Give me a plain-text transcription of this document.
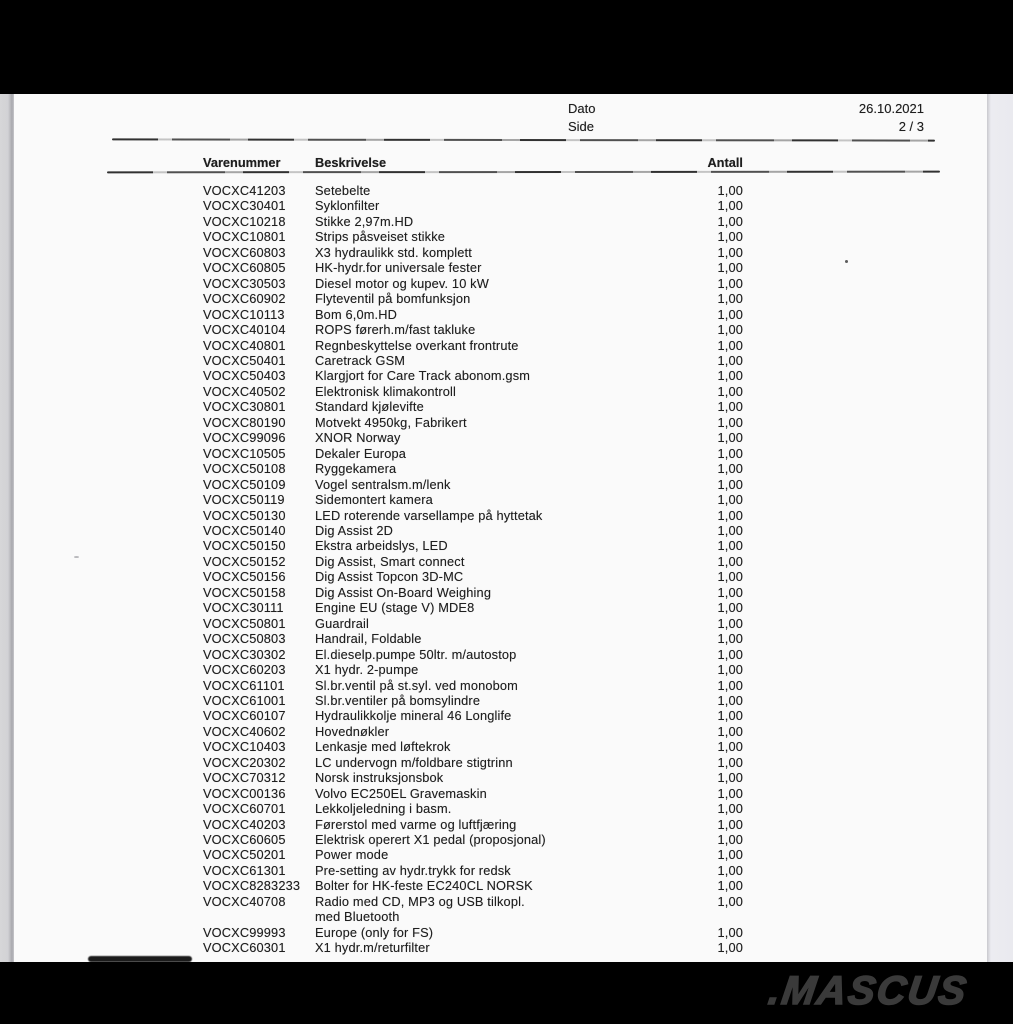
Dato
Side
26.10.2021
2 / 3
Varenummer	Beskrivelse	Antall
VOCXC41203	Setebelte	1,00
VOCXC30401	Syklonfilter	1,00
VOCXC10218	Stikke 2,97m.HD	1,00
VOCXC10801	Strips påsveiset stikke	1,00
VOCXC60803	X3 hydraulikk std. komplett	1,00
VOCXC60805	HK-hydr.for universale fester	1,00
VOCXC30503	Diesel motor og kupev. 10 kW	1,00
VOCXC60902	Flyteventil på bomfunksjon	1,00
VOCXC10113	Bom 6,0m.HD	1,00
VOCXC40104	ROPS førerh.m/fast takluke	1,00
VOCXC40801	Regnbeskyttelse overkant frontrute	1,00
VOCXC50401	Caretrack GSM	1,00
VOCXC50403	Klargjort for Care Track abonom.gsm	1,00
VOCXC40502	Elektronisk klimakontroll	1,00
VOCXC30801	Standard kjølevifte	1,00
VOCXC80190	Motvekt 4950kg, Fabrikert	1,00
VOCXC99096	XNOR Norway	1,00
VOCXC10505	Dekaler Europa	1,00
VOCXC50108	Ryggekamera	1,00
VOCXC50109	Vogel sentralsm.m/lenk	1,00
VOCXC50119	Sidemontert kamera	1,00
VOCXC50130	LED roterende varsellampe på hyttetak	1,00
VOCXC50140	Dig Assist 2D	1,00
VOCXC50150	Ekstra arbeidslys, LED	1,00
VOCXC50152	Dig Assist, Smart connect	1,00
VOCXC50156	Dig Assist Topcon 3D-MC	1,00
VOCXC50158	Dig Assist On-Board Weighing	1,00
VOCXC30111	Engine EU (stage V) MDE8	1,00
VOCXC50801	Guardrail	1,00
VOCXC50803	Handrail, Foldable	1,00
VOCXC30302	El.dieselp.pumpe 50ltr. m/autostop	1,00
VOCXC60203	X1 hydr. 2-pumpe	1,00
VOCXC61101	Sl.br.ventil på st.syl. ved monobom	1,00
VOCXC61001	Sl.br.ventiler på bomsylindre	1,00
VOCXC60107	Hydraulikkolje mineral 46 Longlife	1,00
VOCXC40602	Hovednøkler	1,00
VOCXC10403	Lenkasje med løftekrok	1,00
VOCXC20302	LC undervogn m/foldbare stigtrinn	1,00
VOCXC70312	Norsk instruksjonsbok	1,00
VOCXC00136	Volvo EC250EL Gravemaskin	1,00
VOCXC60701	Lekkoljeledning i basm.	1,00
VOCXC40203	Førerstol med varme og luftfjæring	1,00
VOCXC60605	Elektrisk operert X1 pedal (proposjonal)	1,00
VOCXC50201	Power mode	1,00
VOCXC61301	Pre-setting av hydr.trykk for redsk	1,00
VOCXC8283233	Bolter for HK-feste EC240CL NORSK	1,00
VOCXC40708	Radio med CD, MP3 og USB tilkopl.
med Bluetooth
1,00
VOCXC99993	Europe (only for FS)	1,00
VOCXC60301	X1 hydr.m/returfilter	1,00
.MASCUS
